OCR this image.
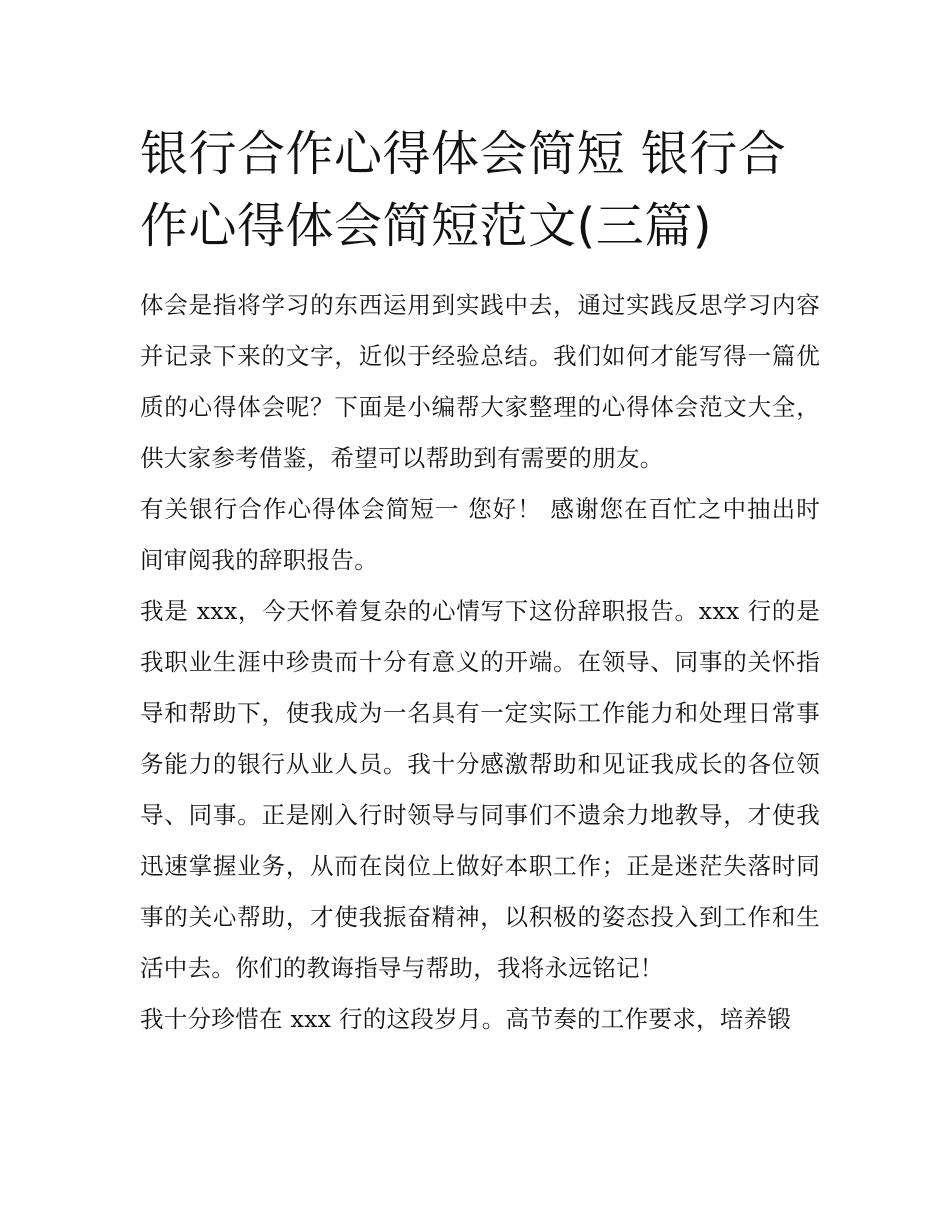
银行合作心得体会简短 银行合作心得体会简短范文(三篇)

体会是指将学习的东西运用到实践中去，通过实践反思学习内容并记录下来的文字，近似于经验总结。我们如何才能写得一篇优质的心得体会呢？下面是小编帮大家整理的心得体会范文大全，供大家参考借鉴，希望可以帮助到有需要的朋友。

有关银行合作心得体会简短一 您好！ 感谢您在百忙之中抽出时间审阅我的辞职报告。

我是 xxx，今天怀着复杂的心情写下这份辞职报告。xxx 行的是我职业生涯中珍贵而十分有意义的开端。在领导、同事的关怀指导和帮助下，使我成为一名具有一定实际工作能力和处理日常事务能力的银行从业人员。我十分感激帮助和见证我成长的各位领导、同事。正是刚入行时领导与同事们不遗余力地教导，才使我迅速掌握业务，从而在岗位上做好本职工作；正是迷茫失落时同事的关心帮助，才使我振奋精神，以积极的姿态投入到工作和生活中去。你们的教诲指导与帮助，我将永远铭记！

我十分珍惜在 xxx 行的这段岁月。高节奏的工作要求，培养锻
